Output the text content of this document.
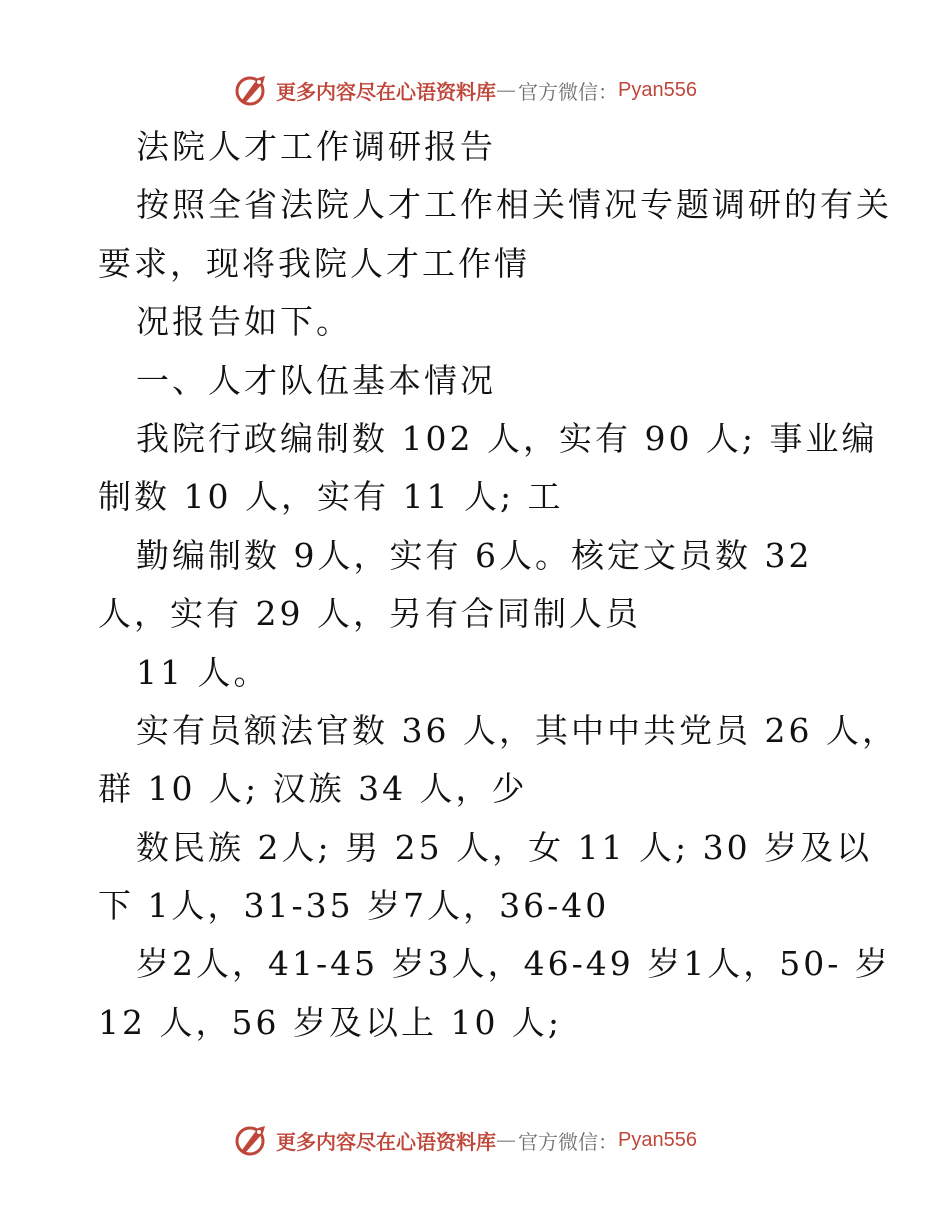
更多内容尽在心语资料库 — 官方微信： Pyan556
法院人才工作调研报告
按照全省法院人才工作相关情况专题调研的有关
要求，现将我院人才工作情
况报告如下。
一、人才队伍基本情况
我院行政编制数 102 人，实有 90 人; 事业编
制数 10 人，实有 11 人; 工
勤编制数 9人，实有 6人。核定文员数 32
人，实有 29 人，另有合同制人员
11 人。
实有员额法官数 36 人，其中中共党员 26 人，
群 10 人; 汉族 34 人，少
数民族 2人; 男 25 人，女 11 人; 30 岁及以
下 1人，31-35 岁7人，36-40
岁2人，41-45 岁3人，46-49 岁1人，50- 岁
12 人，56 岁及以上 10 人;
更多内容尽在心语资料库 — 官方微信： Pyan556
